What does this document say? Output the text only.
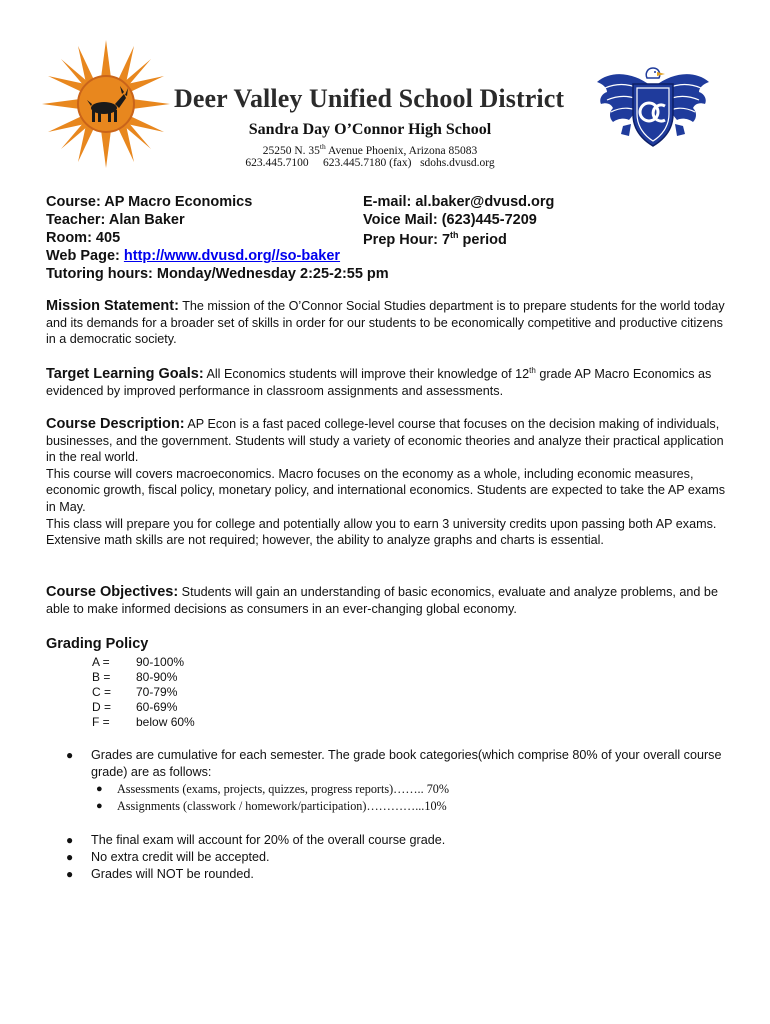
Deer Valley Unified School District
Sandra Day O’Connor High School
25250 N. 35th Avenue Phoenix, Arizona 85083
623.445.7100 623.445.7180 (fax) sdohs.dvusd.org
Course: AP Macro Economics
Teacher: Alan Baker
Room: 405
Web Page: http://www.dvusd.org//so-baker
Tutoring hours: Monday/Wednesday 2:25-2:55 pm
E-mail: al.baker@dvusd.org
Voice Mail: (623)445-7209
Prep Hour: 7th period
Mission Statement: The mission of the O’Connor Social Studies department is to prepare students for the world today and its demands for a broader set of skills in order for our students to be economically competitive and productive citizens in a democratic society.
Target Learning Goals: All Economics students will improve their knowledge of 12th grade AP Macro Economics as evidenced by improved performance in classroom assignments and assessments.
Course Description: AP Econ is a fast paced college-level course that focuses on the decision making of individuals, businesses, and the government. Students will study a variety of economic theories and analyze their practical application in the real world.
This course will covers macroeconomics. Macro focuses on the economy as a whole, including economic measures, economic growth, fiscal policy, monetary policy, and international economics. Students are expected to take the AP exams in May.
This class will prepare you for college and potentially allow you to earn 3 university credits upon passing both AP exams. Extensive math skills are not required; however, the ability to analyze graphs and charts is essential.
Course Objectives: Students will gain an understanding of basic economics, evaluate and analyze problems, and be able to make informed decisions as consumers in an ever-changing global economy.
Grading Policy
A = 90-100%
B = 80-90%
C = 70-79%
D = 60-69%
F = below 60%
● Grades are cumulative for each semester. The grade book categories(which comprise 80% of your overall course grade) are as follows:
● Assessments (exams, projects, quizzes, progress reports)…….. 70%
● Assignments (classwork / homework/participation)…………...10%
● The final exam will account for 20% of the overall course grade.
● No extra credit will be accepted.
● Grades will NOT be rounded.
